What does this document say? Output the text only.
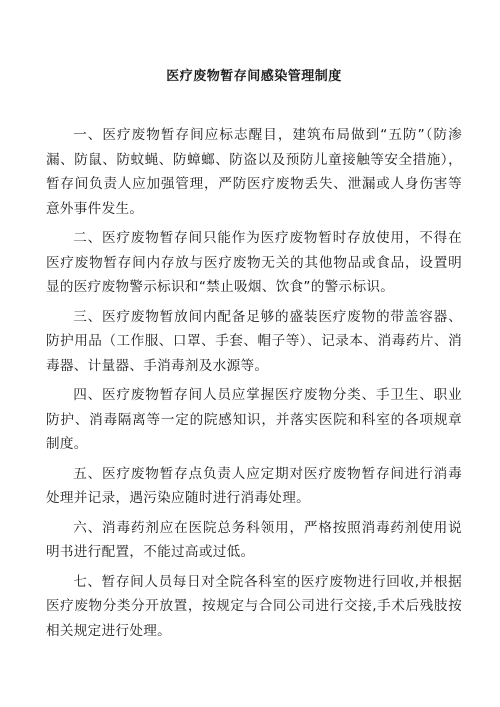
医疗废物暂存间感染管理制度

一、医疗废物暂存间应标志醒目，建筑布局做到“五防”（防渗漏、防鼠、防蚊蝇、防蟑螂、防盗以及预防儿童接触等安全措施），暂存间负责人应加强管理，严防医疗废物丢失、泄漏或人身伤害等意外事件发生。

二、医疗废物暂存间只能作为医疗废物暂时存放使用，不得在医疗废物暂存间内存放与医疗废物无关的其他物品或食品，设置明显的医疗废物警示标识和“禁止吸烟、饮食”的警示标识。

三、医疗废物暂放间内配备足够的盛装医疗废物的带盖容器、防护用品（工作服、口罩、手套、帽子等）、记录本、消毒药片、消毒器、计量器、手消毒剂及水源等。

四、医疗废物暂存间人员应掌握医疗废物分类、手卫生、职业防护、消毒隔离等一定的院感知识，并落实医院和科室的各项规章制度。

五、医疗废物暂存点负责人应定期对医疗废物暂存间进行消毒处理并记录，遇污染应随时进行消毒处理。

六、消毒药剂应在医院总务科领用，严格按照消毒药剂使用说明书进行配置，不能过高或过低。

七、暂存间人员每日对全院各科室的医疗废物进行回收,并根据医疗废物分类分开放置，按规定与合同公司进行交接,手术后残肢按相关规定进行处理。
